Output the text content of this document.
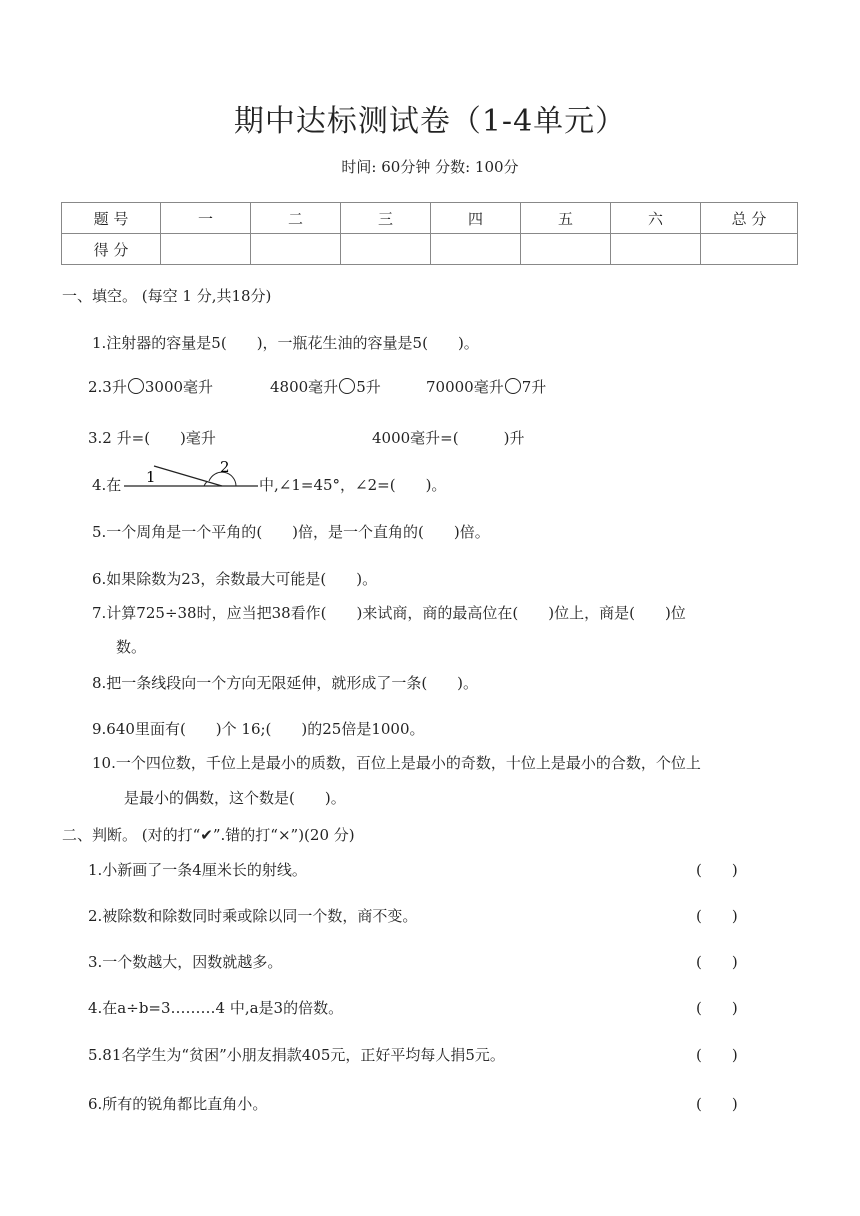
期中达标测试卷（1-4单元）
时间: 60分钟 分数: 100分
题 号	一	二	三	四	五	六	总 分
得 分							
一、填空。 (每空 1 分,共18分)
1.注射器的容量是5(　　)，一瓶花生油的容量是5(　　)。
2.3升 3000毫升	4800毫升 5升	70000毫升 7升
3.2 升=(　　)毫升	4000毫升=(　　　)升
4.在 1
2
中,∠1=45°，∠2=(　　)。
5.一个周角是一个平角的(　　)倍，是一个直角的(　　)倍。
6.如果除数为23，余数最大可能是(　　)。
7.计算725÷38时，应当把38看作(　　)来试商，商的最高位在(　　)位上，商是(　　)位
数。
8.把一条线段向一个方向无限延伸，就形成了一条(　　)。
9.640里面有(　　)个 16;(　　)的25倍是1000。
10.一个四位数，千位上是最小的质数，百位上是最小的奇数，十位上是最小的合数，个位上
是最小的偶数，这个数是(　　)。
二、判断。 (对的打“✔”.错的打“×”)(20 分)
1.小新画了一条4厘米长的射线。	(　　)
2.被除数和除数同时乘或除以同一个数，商不变。	(　　)
3.一个数越大，因数就越多。	(　　)
4.在a÷b=3………4 中,a是3的倍数。	(　　)
5.81名学生为“贫困”小朋友捐款405元，正好平均每人捐5元。	(　　)
6.所有的锐角都比直角小。	(　　)
